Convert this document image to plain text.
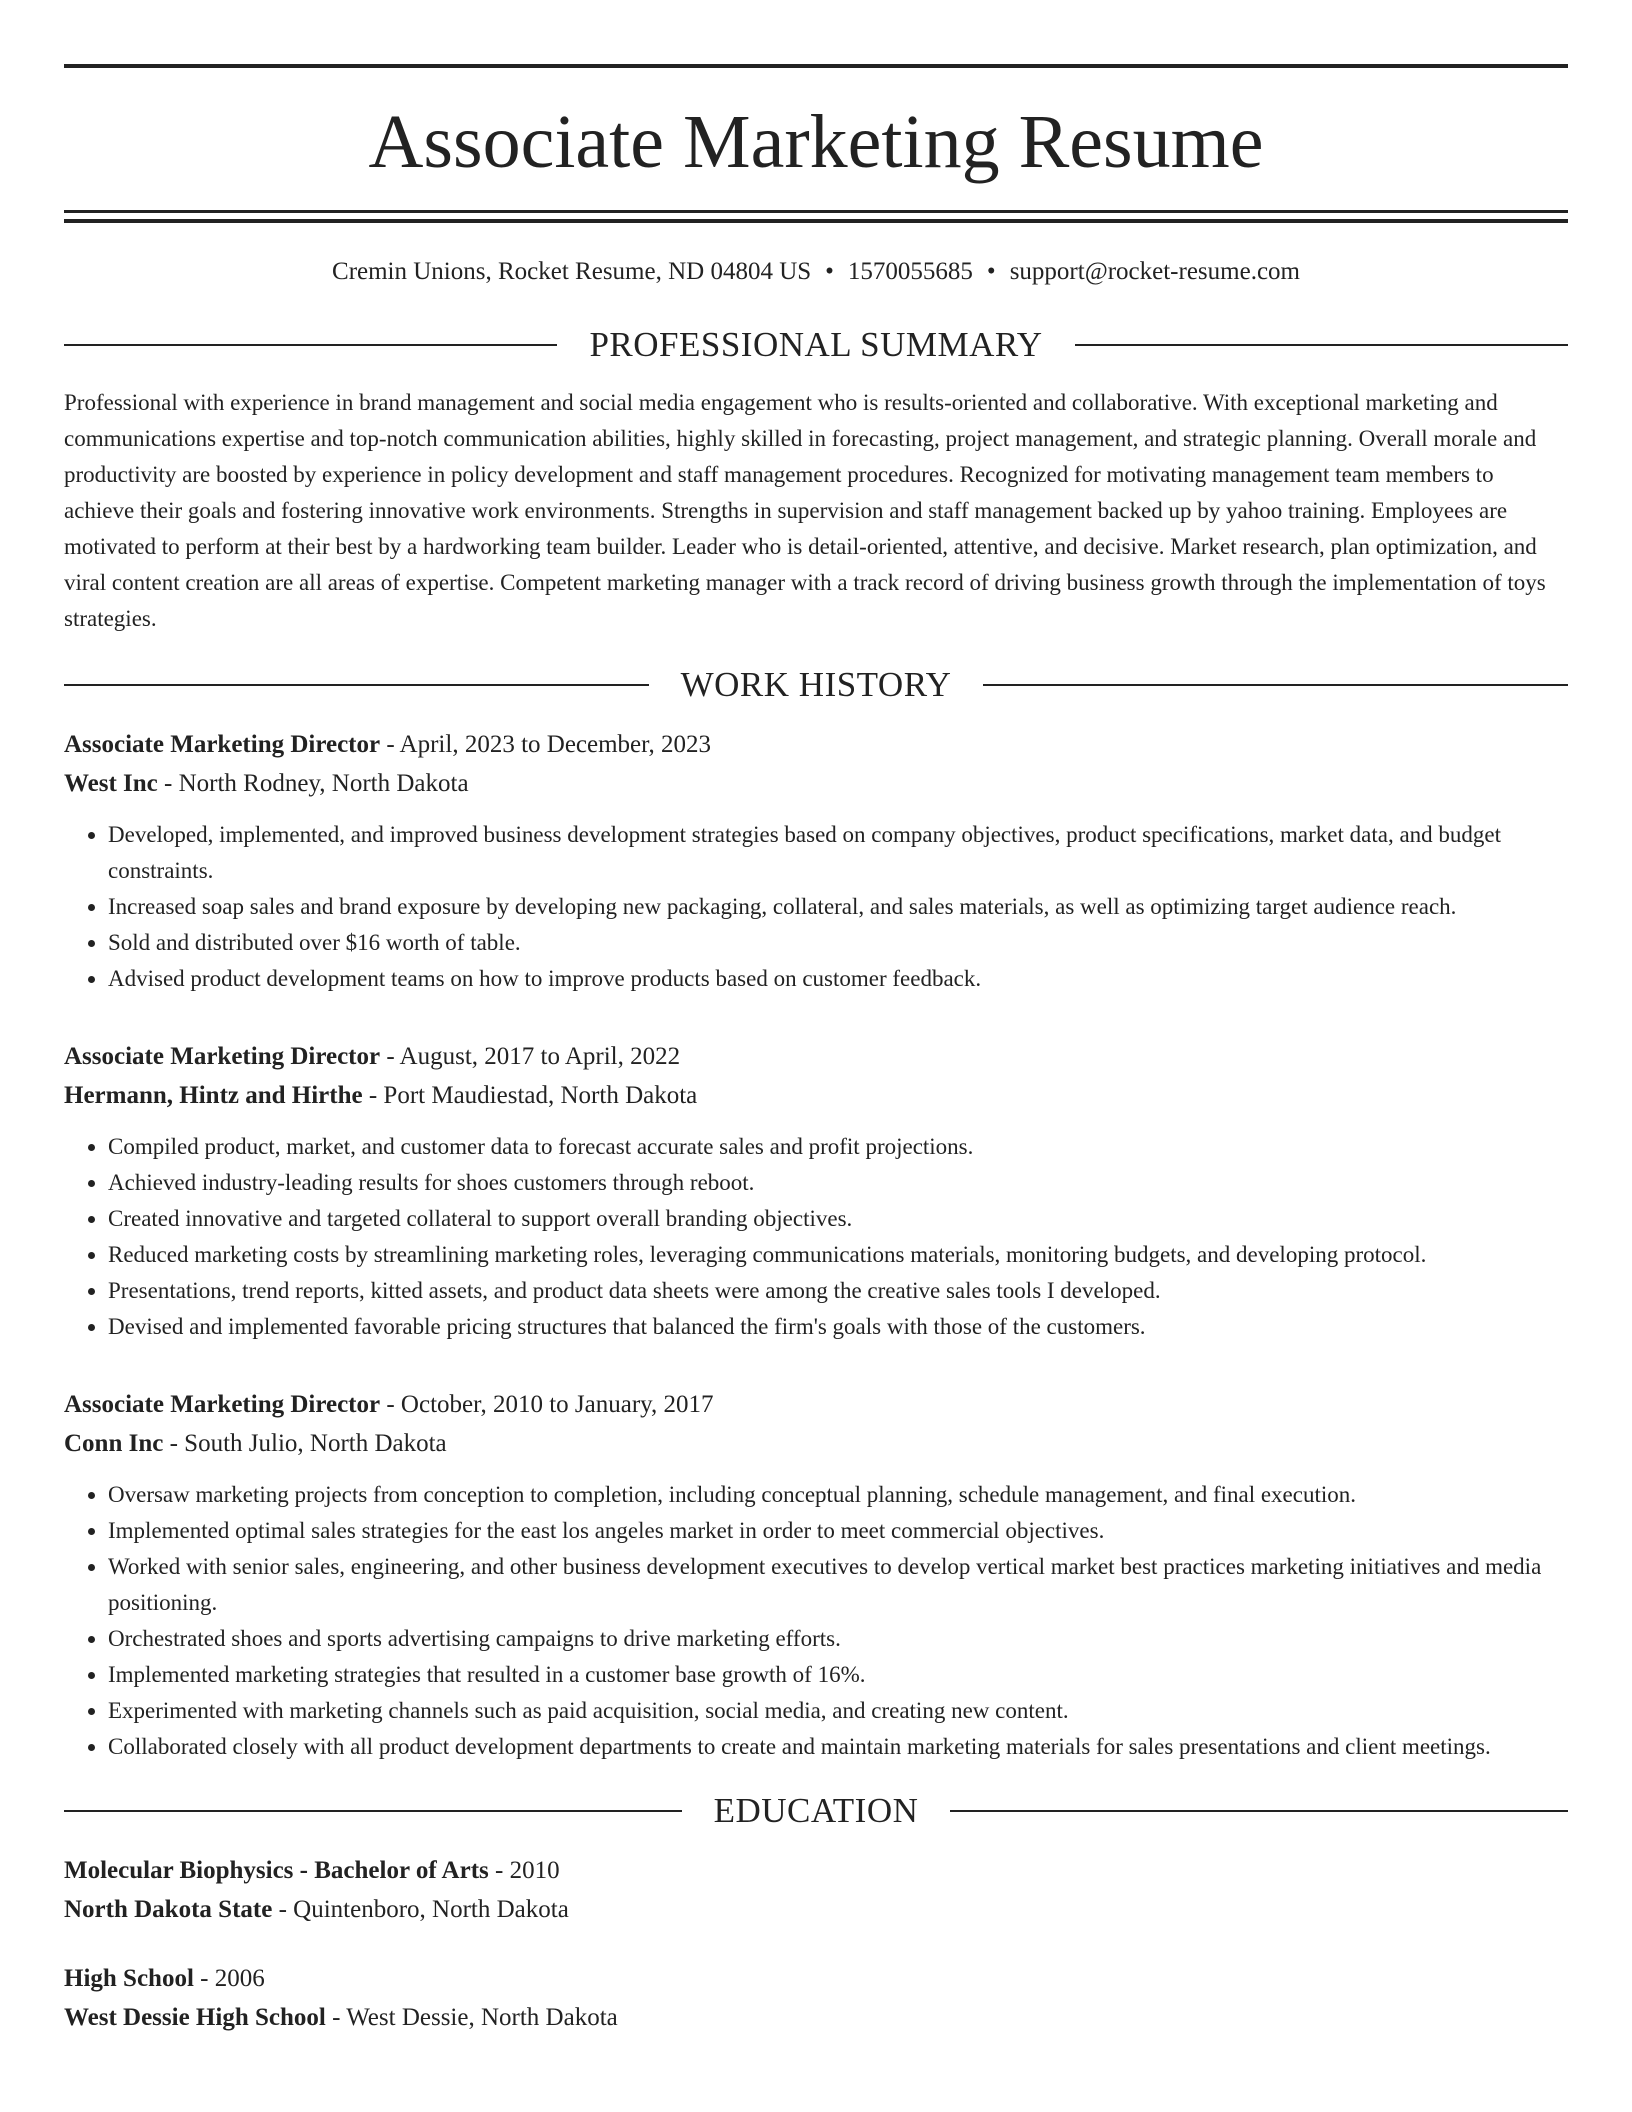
Associate Marketing Resume

Cremin Unions, Rocket Resume, ND 04804 US • 1570055685 • support@rocket-resume.com

PROFESSIONAL SUMMARY

Professional with experience in brand management and social media engagement who is results-oriented and collaborative. With exceptional marketing and communications expertise and top-notch communication abilities, highly skilled in forecasting, project management, and strategic planning. Overall morale and productivity are boosted by experience in policy development and staff management procedures. Recognized for motivating management team members to achieve their goals and fostering innovative work environments. Strengths in supervision and staff management backed up by yahoo training. Employees are motivated to perform at their best by a hardworking team builder. Leader who is detail-oriented, attentive, and decisive. Market research, plan optimization, and viral content creation are all areas of expertise. Competent marketing manager with a track record of driving business growth through the implementation of toys strategies.

WORK HISTORY
Associate Marketing Director - April, 2023 to December, 2023
West Inc - North Rodney, North Dakota
• Developed, implemented, and improved business development strategies based on company objectives, product specifications, market data, and budget constraints.
• Increased soap sales and brand exposure by developing new packaging, collateral, and sales materials, as well as optimizing target audience reach.
• Sold and distributed over $16 worth of table.
• Advised product development teams on how to improve products based on customer feedback.
Associate Marketing Director - August, 2017 to April, 2022
Hermann, Hintz and Hirthe - Port Maudiestad, North Dakota
• Compiled product, market, and customer data to forecast accurate sales and profit projections.
• Achieved industry-leading results for shoes customers through reboot.
• Created innovative and targeted collateral to support overall branding objectives.
• Reduced marketing costs by streamlining marketing roles, leveraging communications materials, monitoring budgets, and developing protocol.
• Presentations, trend reports, kitted assets, and product data sheets were among the creative sales tools I developed.
• Devised and implemented favorable pricing structures that balanced the firm's goals with those of the customers.
Associate Marketing Director - October, 2010 to January, 2017
Conn Inc - South Julio, North Dakota
• Oversaw marketing projects from conception to completion, including conceptual planning, schedule management, and final execution.
• Implemented optimal sales strategies for the east los angeles market in order to meet commercial objectives.
• Worked with senior sales, engineering, and other business development executives to develop vertical market best practices marketing initiatives and media positioning.
• Orchestrated shoes and sports advertising campaigns to drive marketing efforts.
• Implemented marketing strategies that resulted in a customer base growth of 16%.
• Experimented with marketing channels such as paid acquisition, social media, and creating new content.
• Collaborated closely with all product development departments to create and maintain marketing materials for sales presentations and client meetings.
EDUCATION
Molecular Biophysics - Bachelor of Arts - 2010
North Dakota State - Quintenboro, North Dakota
High School - 2006
West Dessie High School - West Dessie, North Dakota
